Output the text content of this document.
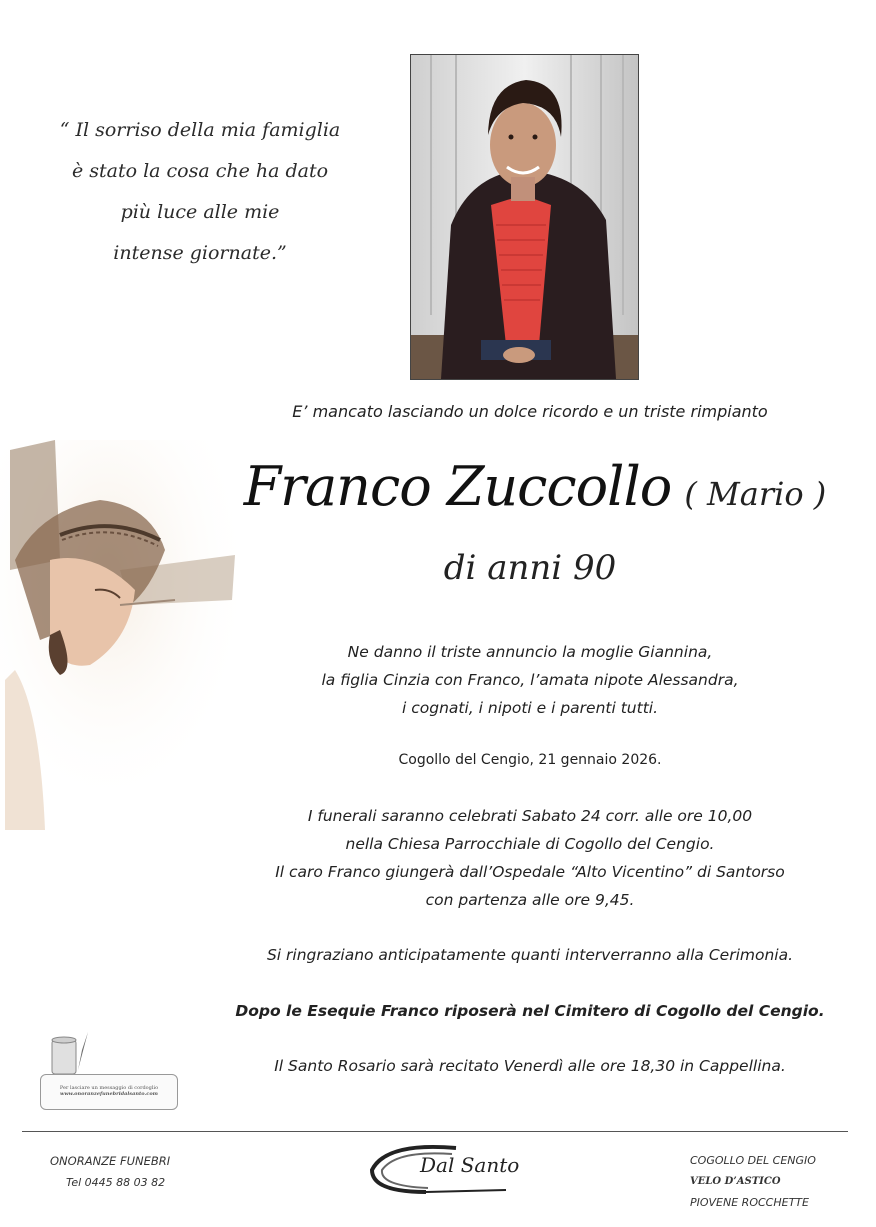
“ Il sorriso della mia famiglia
è stato la cosa che ha dato
più luce alle mie
intense giornate.”
E’ mancato lasciando un dolce ricordo e un triste rimpianto
Franco Zuccollo ( Mario )
di anni 90
Ne danno il triste annuncio la moglie Giannina,
la figlia Cinzia con Franco, l’amata nipote Alessandra,
i cognati, i nipoti e i parenti tutti.
Cogollo del Cengio, 21 gennaio 2026.
I funerali saranno celebrati Sabato 24 corr. alle ore 10,00
nella Chiesa Parrocchiale di Cogollo del Cengio.
Il caro Franco giungerà dall’Ospedale “Alto Vicentino” di Santorso
con partenza alle ore 9,45.
Si ringraziano anticipatamente quanti interverranno alla Cerimonia.
Dopo le Esequie Franco riposerà nel Cimitero di Cogollo del Cengio.
Il Santo Rosario sarà recitato Venerdì alle ore 18,30 in Cappellina.
Per lasciare un messaggio di cordoglio
www.onoranzefunebridalsanto.com
ONORANZE FUNEBRI
Tel 0445 88 03 82
Dal Santo	COGOLLO DEL CENGIO
VELO D’ASTICO
PIOVENE ROCCHETTE
